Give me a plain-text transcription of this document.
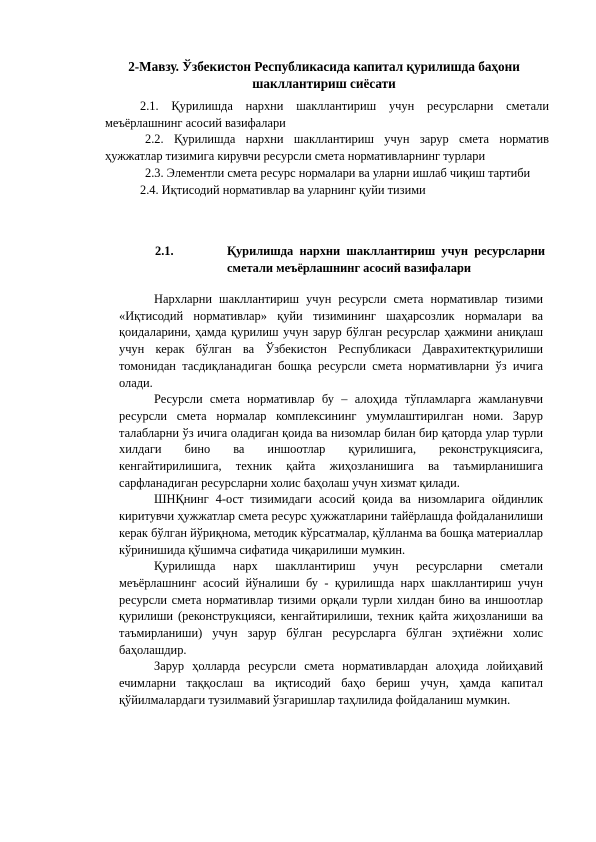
2-Мавзу. Ўзбекистон Республикасида капитал қурилишда баҳони шакллантириш сиёсати

2.1. Қурилишда нархни шакллантириш учун ресурсларни сметали меъёрлашнинг асосий вазифалари

2.2. Қурилишда нархни шакллантириш учун зарур смета норматив ҳужжатлар тизимига кирувчи ресурсли смета нормативларнинг турлари

2.3. Элементли смета ресурс нормалари ва уларни ишлаб чиқиш тартиби

2.4. Иқтисодий нормативлар ва уларнинг қуйи тизими

2.1.	Қурилишда нархни шакллантириш учун ресурсларни сметали меъёрлашнинг асосий вазифалари

Нархларни шакллантириш учун ресурсли смета нормативлар тизими «Иқтисодий нормативлар» қуйи тизимининг шаҳарсозлик нормалари ва қоидаларини, ҳамда қурилиш учун зарур бўлган ресурслар ҳажмини аниқлаш учун керак бўлган ва Ўзбекистон Республикаси Даврахитектқурилиши томонидан тасдиқланадиган бошқа ресурсли смета нормативларни ўз ичига олади.

Ресурсли смета нормативлар бу – алоҳида тўпламларга жамланувчи ресурсли смета нормалар комплексининг умумлаштирилган номи. Зарур талабларни ўз ичига оладиган қоида ва низомлар билан бир қаторда улар турли хилдаги бино ва иншоотлар қурилишига, реконструкциясига, кенгайтирилишига, техник қайта жиҳозланишига ва таъмирланишига сарфланадиган ресурсларни холис баҳолаш учун хизмат қилади.

ШНҚнинг 4-ост тизимидаги асосий қоида ва низомларига ойдинлик киритувчи ҳужжатлар смета ресурс ҳужжатларини тайёрлашда фойдаланилиши керак бўлган йўриқнома, методик кўрсатмалар, қўлланма ва бошқа материаллар кўринишида қўшимча сифатида чиқарилиши мумкин.

Қурилишда нарх шакллантириш учун ресурсларни сметали меъёрлашнинг асосий йўналиши бу - қурилишда нарх шакллантириш учун ресурсли смета нормативлар тизими орқали турли хилдан бино ва иншоотлар қурилиши (реконструкцияси, кенгайтирилиши, техник қайта жиҳозланиши ва таъмирланиши) учун зарур бўлган ресурсларга бўлган эҳтиёжни холис баҳолашдир.

Зарур ҳолларда ресурсли смета нормативлардан алоҳида лойиҳавий ечимларни таққослаш ва иқтисодий баҳо бериш учун, ҳамда капитал қўйилмалардаги тузилмавий ўзгаришлар таҳлилида фойдаланиш мумкин.
